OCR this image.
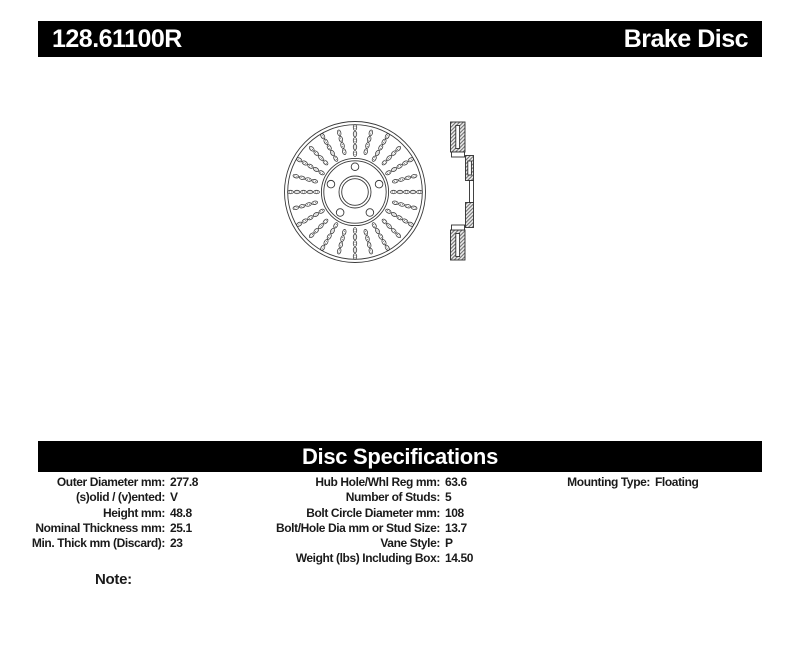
128.61100R	Brake Disc
Disc Specifications
Outer Diameter mm: 277.8
(s)olid / (v)ented: V
Height mm: 48.8
Nominal Thickness mm: 25.1
Min. Thick mm (Discard): 23
Hub Hole/Whl Reg mm: 63.6
Number of Studs: 5
Bolt Circle Diameter mm: 108
Bolt/Hole Dia mm or Stud Size: 13.7
Vane Style: P
Weight (lbs) Including Box: 14.50
Mounting Type: Floating
Note:
